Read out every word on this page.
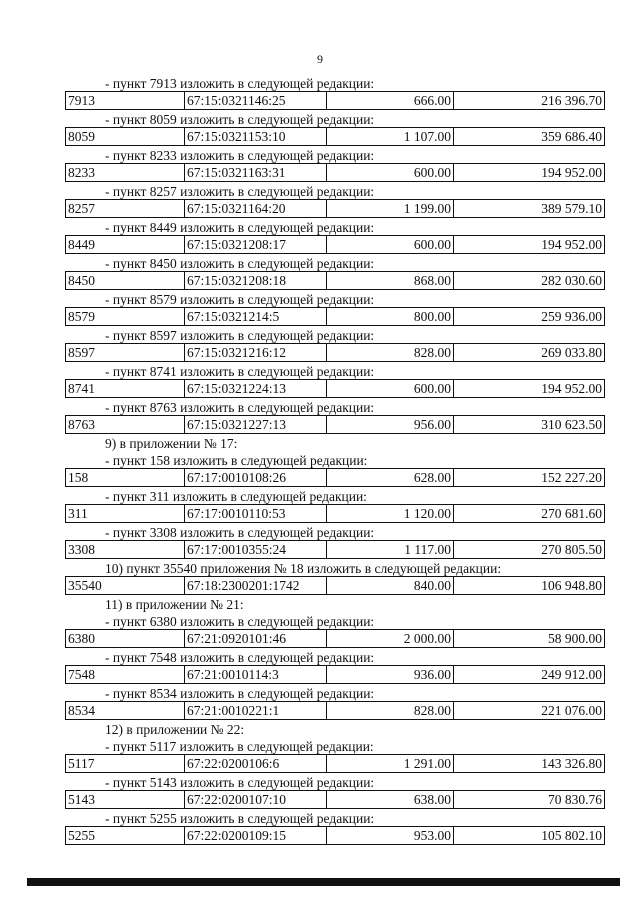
9
- пункт 7913 изложить в следующей редакции:
7913	67:15:0321146:25	666.00	216 396.70
- пункт 8059 изложить в следующей редакции:
8059	67:15:0321153:10	1 107.00	359 686.40
- пункт 8233 изложить в следующей редакции:
8233	67:15:0321163:31	600.00	194 952.00
- пункт 8257 изложить в следующей редакции:
8257	67:15:0321164:20	1 199.00	389 579.10
- пункт 8449 изложить в следующей редакции:
8449	67:15:0321208:17	600.00	194 952.00
- пункт 8450 изложить в следующей редакции:
8450	67:15:0321208:18	868.00	282 030.60
- пункт 8579 изложить в следующей редакции:
8579	67:15:0321214:5	800.00	259 936.00
- пункт 8597 изложить в следующей редакции:
8597	67:15:0321216:12	828.00	269 033.80
- пункт 8741 изложить в следующей редакции:
8741	67:15:0321224:13	600.00	194 952.00
- пункт 8763 изложить в следующей редакции:
8763	67:15:0321227:13	956.00	310 623.50
9) в приложении № 17:
- пункт 158 изложить в следующей редакции:
158	67:17:0010108:26	628.00	152 227.20
- пункт 311 изложить в следующей редакции:
311	67:17:0010110:53	1 120.00	270 681.60
- пункт 3308 изложить в следующей редакции:
3308	67:17:0010355:24	1 117.00	270 805.50
10) пункт 35540 приложения № 18 изложить в следующей редакции:
35540	67:18:2300201:1742	840.00	106 948.80
11) в приложении № 21:
- пункт 6380 изложить в следующей редакции:
6380	67:21:0920101:46	2 000.00	58 900.00
- пункт 7548 изложить в следующей редакции:
7548	67:21:0010114:3	936.00	249 912.00
- пункт 8534 изложить в следующей редакции:
8534	67:21:0010221:1	828.00	221 076.00
12) в приложении № 22:
- пункт 5117 изложить в следующей редакции:
5117	67:22:0200106:6	1 291.00	143 326.80
- пункт 5143 изложить в следующей редакции:
5143	67:22:0200107:10	638.00	70 830.76
- пункт 5255 изложить в следующей редакции:
5255	67:22:0200109:15	953.00	105 802.10
